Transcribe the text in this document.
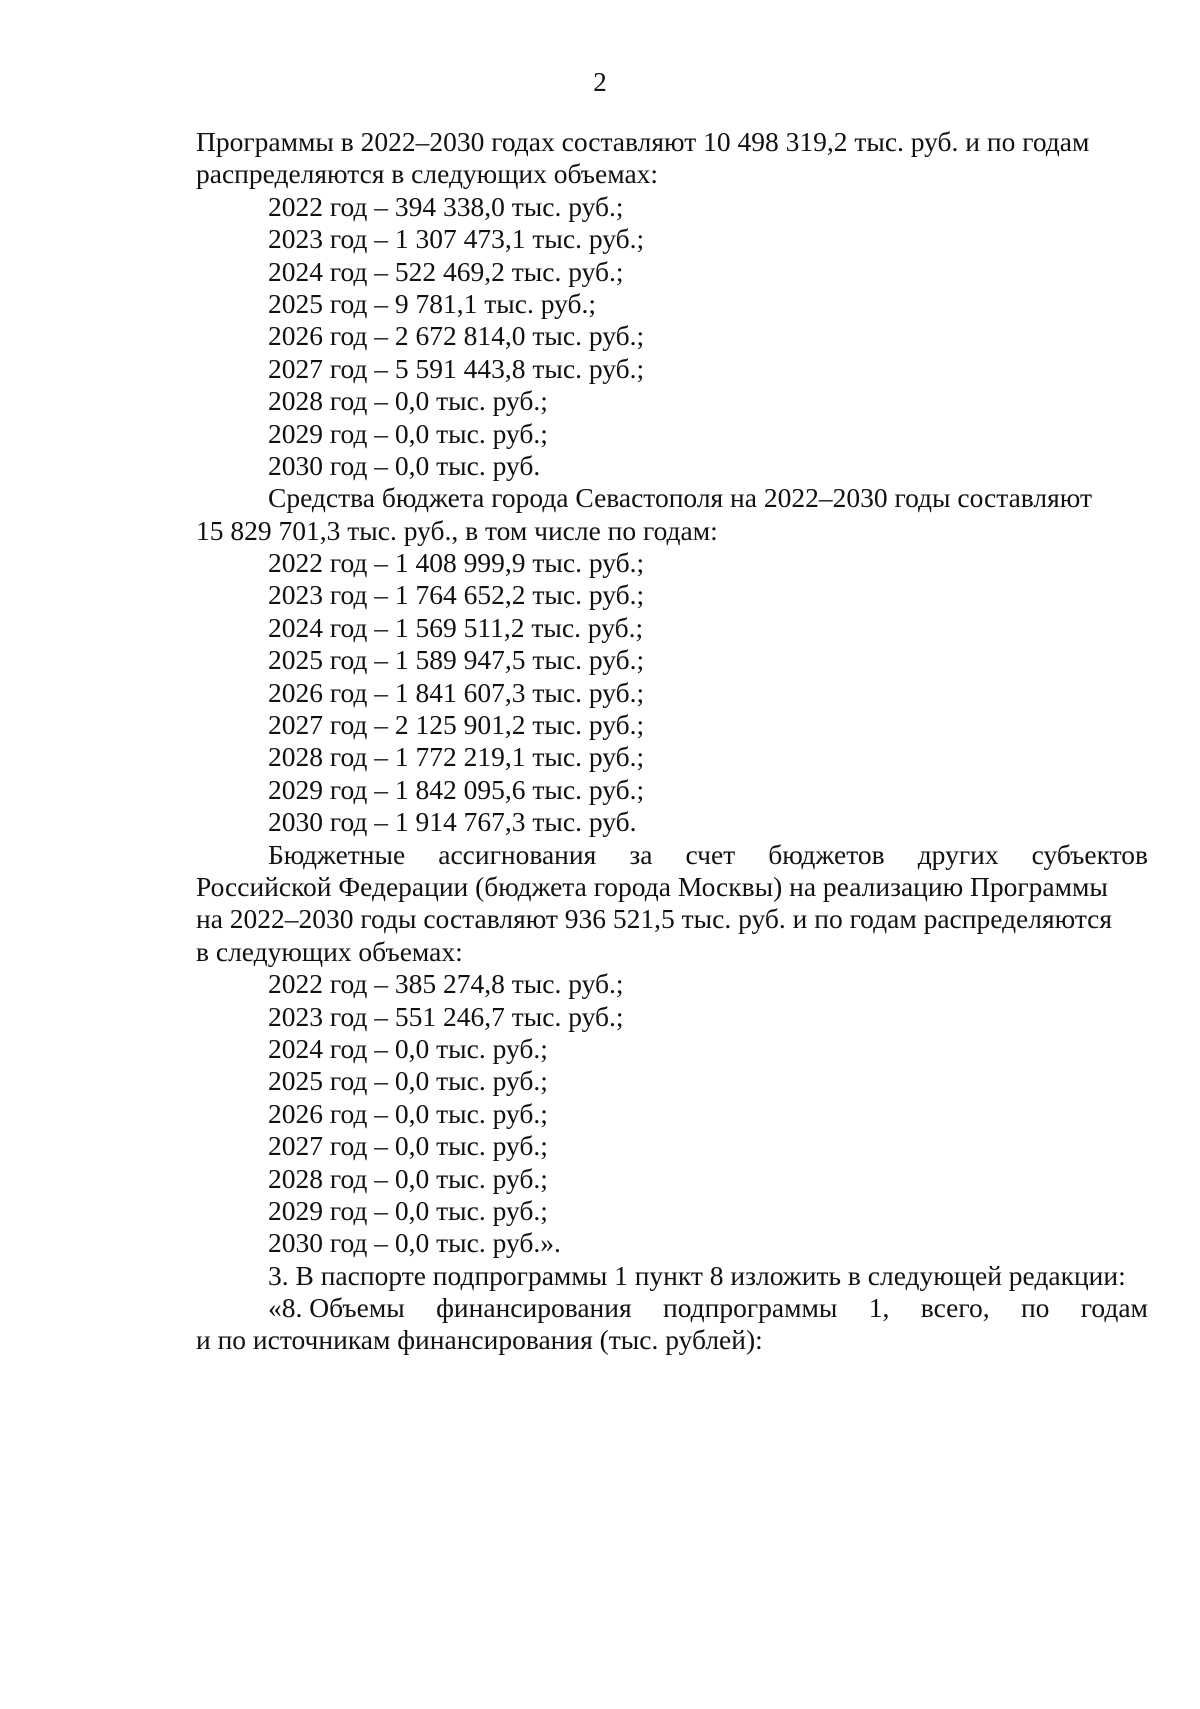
2
Программы в 2022–2030 годах составляют 10 498 319,2 тыс. руб. и по годам
распределяются в следующих объемах:
2022 год – 394 338,0 тыс. руб.;
2023 год – 1 307 473,1 тыс. руб.;
2024 год – 522 469,2 тыс. руб.;
2025 год – 9 781,1 тыс. руб.;
2026 год – 2 672 814,0 тыс. руб.;
2027 год – 5 591 443,8 тыс. руб.;
2028 год – 0,0 тыс. руб.;
2029 год – 0,0 тыс. руб.;
2030 год – 0,0 тыс. руб.
Средства бюджета города Севастополя на 2022–2030 годы составляют
15 829 701,3 тыс. руб., в том числе по годам:
2022 год – 1 408 999,9 тыс. руб.;
2023 год – 1 764 652,2 тыс. руб.;
2024 год – 1 569 511,2 тыс. руб.;
2025 год – 1 589 947,5 тыс. руб.;
2026 год – 1 841 607,3 тыс. руб.;
2027 год – 2 125 901,2 тыс. руб.;
2028 год – 1 772 219,1 тыс. руб.;
2029 год – 1 842 095,6 тыс. руб.;
2030 год – 1 914 767,3 тыс. руб.
Бюджетные ассигнования за счет бюджетов других субъектов
Российской Федерации (бюджета города Москвы) на реализацию Программы
на 2022–2030 годы составляют 936 521,5 тыс. руб. и по годам распределяются
в следующих объемах:
2022 год – 385 274,8 тыс. руб.;
2023 год – 551 246,7 тыс. руб.;
2024 год – 0,0 тыс. руб.;
2025 год – 0,0 тыс. руб.;
2026 год – 0,0 тыс. руб.;
2027 год – 0,0 тыс. руб.;
2028 год – 0,0 тыс. руб.;
2029 год – 0,0 тыс. руб.;
2030 год – 0,0 тыс. руб.».
3. В паспорте подпрограммы 1 пункт 8 изложить в следующей редакции:
«8. Объемы финансирования подпрограммы 1, всего, по годам
и по источникам финансирования (тыс. рублей):
